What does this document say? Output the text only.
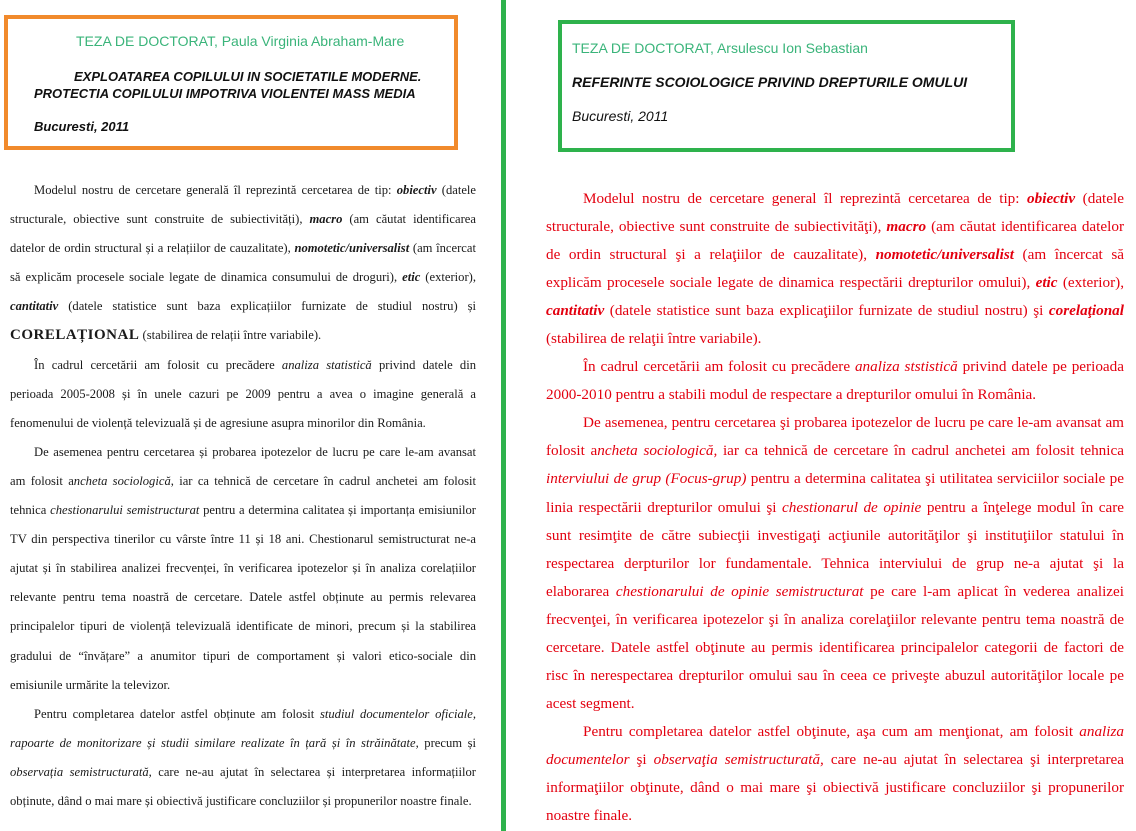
TEZA DE DOCTORAT, Paula Virginia Abraham-Mare
EXPLOATAREA COPILULUI IN SOCIETATILE MODERNE.
PROTECTIA COPILULUI IMPOTRIVA VIOLENTEI MASS MEDIA
Bucuresti, 2011
TEZA DE DOCTORAT, Arsulescu Ion Sebastian
REFERINTE SCOIOLOGICE PRIVIND DREPTURILE OMULUI
Bucuresti, 2011

Modelul nostru de cercetare generală îl reprezintă cercetarea de tip: obiectiv (datele structurale, obiective sunt construite de subiectivități), macro (am căutat identificarea datelor de ordin structural și a relațiilor de cauzalitate), nomotetic/universalist (am încercat să explicăm procesele sociale legate de dinamica consumului de droguri), etic (exterior), cantitativ (datele statistice sunt baza explicațiilor furnizate de studiul nostru) și CORELAȚIONAL (stabilirea de relații între variabile).

În cadrul cercetării am folosit cu precădere analiza statistică privind datele din perioada 2005-2008 și în unele cazuri pe 2009 pentru a avea o imagine generală a fenomenului de violență televizuală și de agresiune asupra minorilor din România.

De asemenea pentru cercetarea și probarea ipotezelor de lucru pe care le-am avansat am folosit ancheta sociologică, iar ca tehnică de cercetare în cadrul anchetei am folosit tehnica chestionarului semistructurat pentru a determina calitatea și importanța emisiunilor TV din perspectiva tinerilor cu vârste între 11 și 18 ani. Chestionarul semistructurat ne-a ajutat și în stabilirea analizei frecvenței, în verificarea ipotezelor și în analiza corelațiilor relevante pentru tema noastră de cercetare. Datele astfel obținute au permis relevarea principalelor tipuri de violență televizuală identificate de minori, precum și la stabilirea gradului de “învățare” a anumitor tipuri de comportament și valori etico-sociale din emisiunile urmărite la televizor.

Pentru completarea datelor astfel obținute am folosit studiul documentelor oficiale, rapoarte de monitorizare și studii similare realizate în țară și în străinătate, precum și observația semistructurată, care ne-au ajutat în selectarea și interpretarea informațiilor obținute, dând o mai mare și obiectivă justificare concluziilor și propunerilor noastre finale.

Modelul nostru de cercetare general îl reprezintă cercetarea de tip: obiectiv (datele structurale, obiective sunt construite de subiectivităţi), macro (am căutat identificarea datelor de ordin structural şi a relaţiilor de cauzalitate), nomotetic/universalist (am încercat să explicăm procesele sociale legate de dinamica respectării drepturilor omului), etic (exterior), cantitativ (datele statistice sunt baza explicaţiilor furnizate de studiul nostru) şi corelaţional (stabilirea de relaţii între variabile).

În cadrul cercetării am folosit cu precădere analiza ststistică privind datele pe perioada 2000-2010 pentru a stabili modul de respectare a drepturilor omului în România.

De asemenea, pentru cercetarea şi probarea ipotezelor de lucru pe care le-am avansat am folosit ancheta sociologică, iar ca tehnică de cercetare în cadrul anchetei am folosit tehnica interviului de grup (Focus-grup) pentru a determina calitatea şi utilitatea serviciilor sociale pe linia respectării drepturilor omului şi chestionarul de opinie pentru a înţelege modul în care sunt resimţite de către subiecţii investigaţi acţiunile autorităţilor şi instituţiilor statului în respectarea derpturilor lor fundamentale. Tehnica interviului de grup ne-a ajutat şi la elaborarea chestionarului de opinie semistructurat pe care l-am aplicat în vederea analizei frecvenţei, în verificarea ipotezelor şi în analiza corelaţiilor relevante pentru tema noastră de cercetare. Datele astfel obţinute au permis identificarea principalelor categorii de factori de risc în nerespectarea drepturilor omului sau în ceea ce priveşte abuzul autorităţilor locale pe acest segment.

Pentru completarea datelor astfel obţinute, aşa cum am menţionat, am folosit analiza documentelor şi observaţia semistructurată, care ne-au ajutat în selectarea şi interpretarea informaţiilor obţinute, dând o mai mare şi obiectivă justificare concluziilor şi propunerilor noastre finale.
